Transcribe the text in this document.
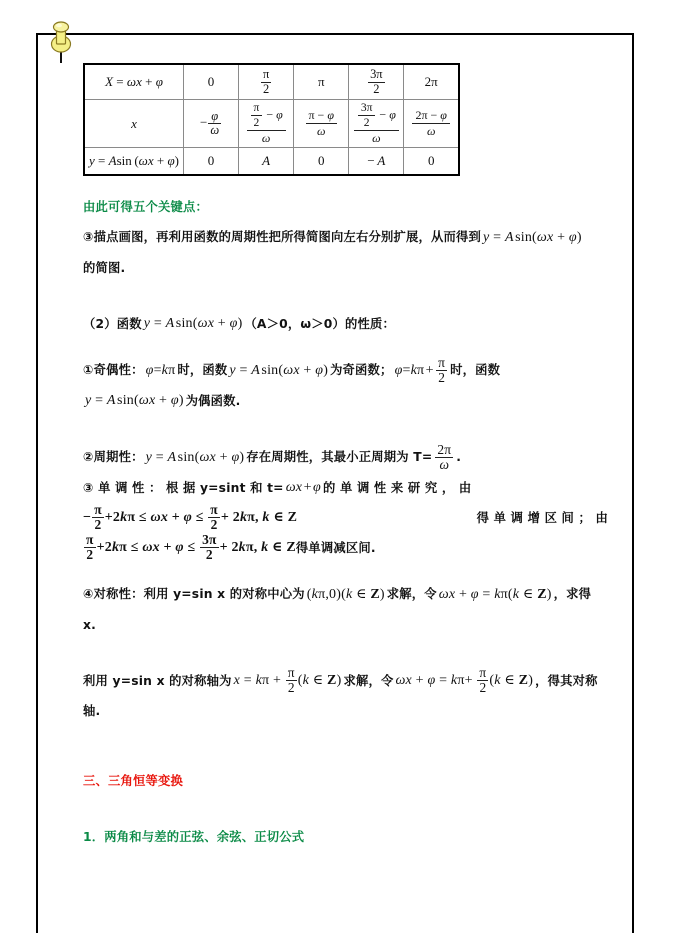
X = ωx + φ	0	$\frac{\pi}{2}$	π	$\frac{3\pi}{2}$	2π
x	− $\frac{\varphi}{\omega}$	$\frac{\frac{\pi}{2} - \varphi}{\omega}$	$\frac{\pi - \varphi}{\omega}$	$\frac{\frac{3\pi}{2} - \varphi}{\omega}$	$\frac{2\pi - \varphi}{\omega}$

y = Asin (ωx + φ)	0	A	0	− A	0
由此可得五个关键点：
③描点画图，再利用函数的周期性把所得简图向左右分别扩展，从而得到 y = A sin(ωx + φ)
的简图.
（2）函数 y = A sin(ωx + φ) （A＞0，ω＞0）的性质：
①奇偶性： φ=kπ 时，函数 y = A sin(ωx + φ) 为奇函数； φ=kπ +  $\frac{\pi}{2}$ 时，函数
y = A sin(ωx + φ) 为偶函数.
②周期性： y = A sin(ωx + φ) 存在周期性，其最小正周期为 $T= \frac{2\pi}{\omega}$ .
③ 单 调 性 ： 根 据 y=sint 和 t= ωx + φ 的 单 调 性 来 研 究 ， 由
− $\frac{\pi}{2} +2k\pi \le \omega x + \varphi \le \frac{\pi}{2} + 2k\pi$, k ∈ Z	得 单 调 增 区 间 ； 由
$\frac{\pi}{2} +2k\pi \le \omega x + \varphi \le \frac{3\pi}{2} + 2k\pi$, k ∈ Z 得单调减区间.
④对称性：利用 y=sin x 的对称中心为 (kπ,0)(k ∈ Z) 求解，令 ωx + φ = kπ(k ∈ Z) ，求得
x.
利用 y=sin x 的对称轴为 $x = k\pi + \frac{\pi}{2} (k$ ∈ Z) 求解，令 $\omega x + \varphi = k\pi+ \frac{\pi}{2} (k$ ∈ Z) ，得其对称
轴.
三、三角恒等变换
1．两角和与差的正弦、余弦、正切公式
